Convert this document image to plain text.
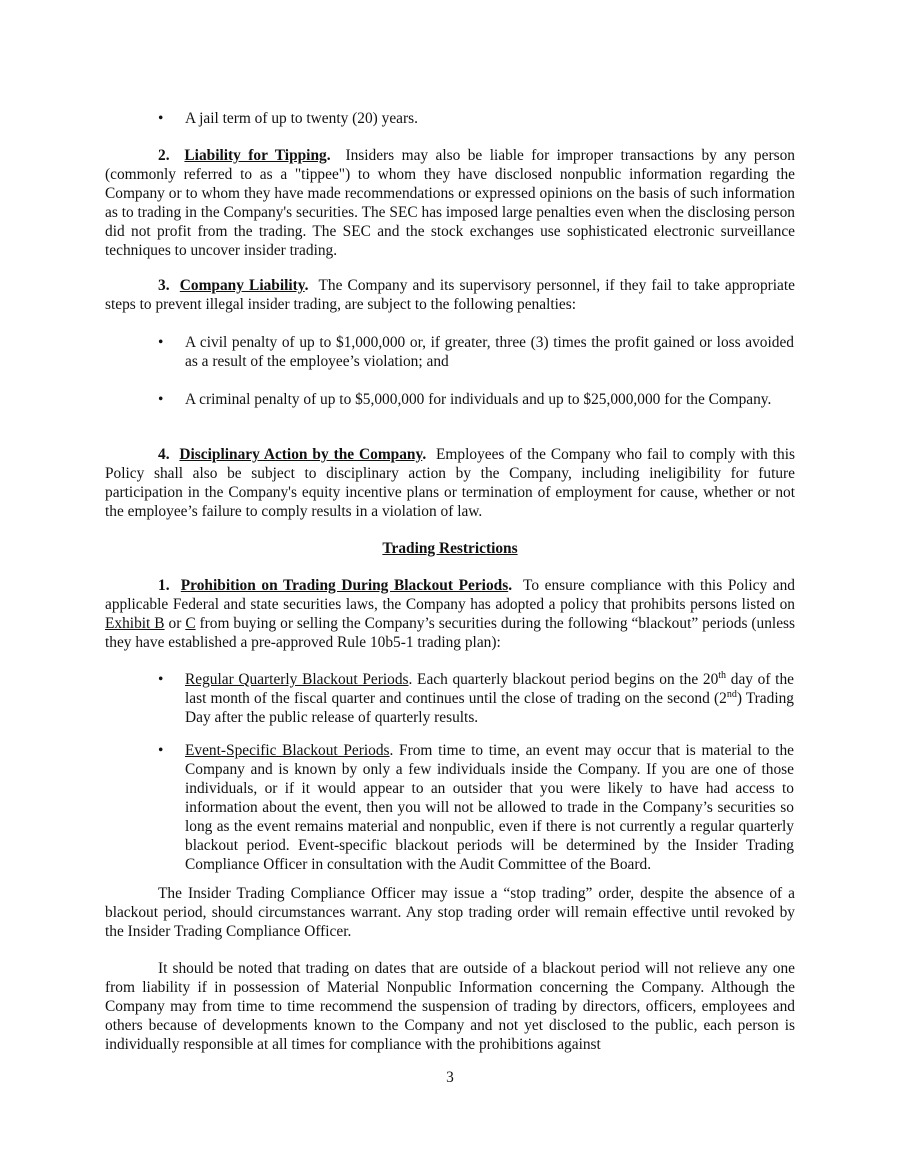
• A jail term of up to twenty (20) years.

2. Liability for Tipping. Insiders may also be liable for improper transactions by any person (commonly referred to as a "tippee") to whom they have disclosed nonpublic information regarding the Company or to whom they have made recommendations or expressed opinions on the basis of such information as to trading in the Company's securities. The SEC has imposed large penalties even when the disclosing person did not profit from the trading. The SEC and the stock exchanges use sophisticated electronic surveillance techniques to uncover insider trading.

3. Company Liability. The Company and its supervisory personnel, if they fail to take appropriate steps to prevent illegal insider trading, are subject to the following penalties:

• A civil penalty of up to $1,000,000 or, if greater, three (3) times the profit gained or loss avoided as a result of the employee’s violation; and

• A criminal penalty of up to $5,000,000 for individuals and up to $25,000,000 for the Company.

4. Disciplinary Action by the Company. Employees of the Company who fail to comply with this Policy shall also be subject to disciplinary action by the Company, including ineligibility for future participation in the Company's equity incentive plans or termination of employment for cause, whether or not the employee’s failure to comply results in a violation of law.

Trading Restrictions

1. Prohibition on Trading During Blackout Periods. To ensure compliance with this Policy and applicable Federal and state securities laws, the Company has adopted a policy that prohibits persons listed on Exhibit B or C from buying or selling the Company’s securities during the following “blackout” periods (unless they have established a pre-approved Rule 10b5-1 trading plan):

• Regular Quarterly Blackout Periods. Each quarterly blackout period begins on the 20th day of the last month of the fiscal quarter and continues until the close of trading on the second (2nd) Trading Day after the public release of quarterly results.

• Event-Specific Blackout Periods. From time to time, an event may occur that is material to the Company and is known by only a few individuals inside the Company. If you are one of those individuals, or if it would appear to an outsider that you were likely to have had access to information about the event, then you will not be allowed to trade in the Company’s securities so long as the event remains material and nonpublic, even if there is not currently a regular quarterly blackout period. Event-specific blackout periods will be determined by the Insider Trading Compliance Officer in consultation with the Audit Committee of the Board.

The Insider Trading Compliance Officer may issue a “stop trading” order, despite the absence of a blackout period, should circumstances warrant. Any stop trading order will remain effective until revoked by the Insider Trading Compliance Officer.

It should be noted that trading on dates that are outside of a blackout period will not relieve any one from liability if in possession of Material Nonpublic Information concerning the Company. Although the Company may from time to time recommend the suspension of trading by directors, officers, employees and others because of developments known to the Company and not yet disclosed to the public, each person is individually responsible at all times for compliance with the prohibitions against

3
